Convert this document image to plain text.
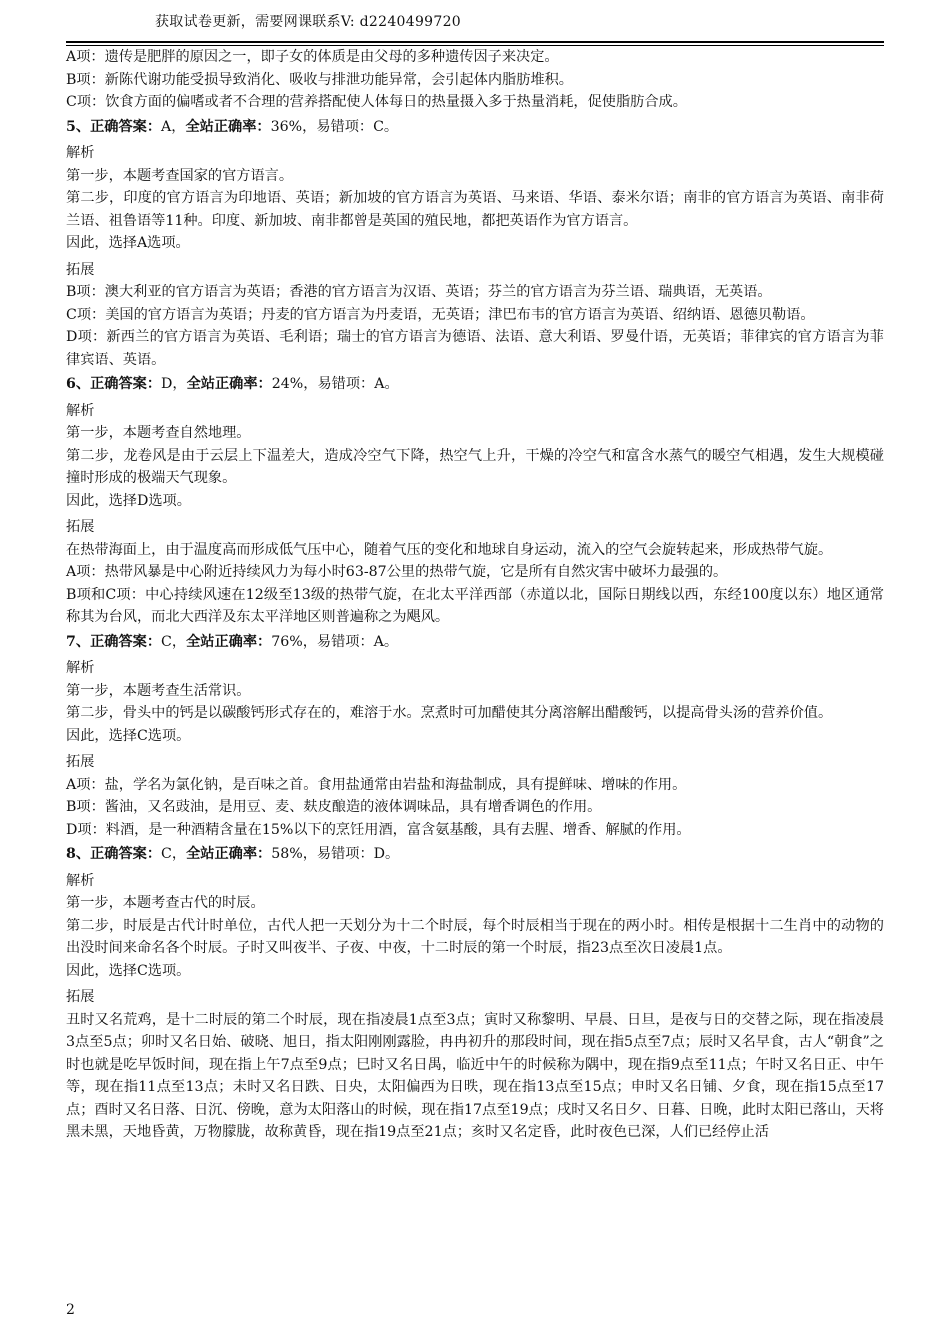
获取试卷更新，需要网课联系V: d2240499720

A项：遗传是肥胖的原因之一，即子女的体质是由父母的多种遗传因子来决定。

B项：新陈代谢功能受损导致消化、吸收与排泄功能异常，会引起体内脂肪堆积。

C项：饮食方面的偏嗜或者不合理的营养搭配使人体每日的热量摄入多于热量消耗，促使脂肪合成。

5、正确答案：A，全站正确率：36%，易错项：C。

解析

第一步，本题考查国家的官方语言。

第二步，印度的官方语言为印地语、英语；新加坡的官方语言为英语、马来语、华语、泰米尔语；南非的官方语言为英语、南非荷兰语、祖鲁语等11种。印度、新加坡、南非都曾是英国的殖民地，都把英语作为官方语言。

因此，选择A选项。

拓展

B项：澳大利亚的官方语言为英语；香港的官方语言为汉语、英语；芬兰的官方语言为芬兰语、瑞典语，无英语。

C项：美国的官方语言为英语；丹麦的官方语言为丹麦语，无英语；津巴布韦的官方语言为英语、绍纳语、恩德贝勒语。

D项：新西兰的官方语言为英语、毛利语；瑞士的官方语言为德语、法语、意大利语、罗曼什语，无英语；菲律宾的官方语言为菲律宾语、英语。

6、正确答案：D，全站正确率：24%，易错项：A。

解析

第一步，本题考查自然地理。

第二步，龙卷风是由于云层上下温差大，造成冷空气下降，热空气上升，干燥的冷空气和富含水蒸气的暖空气相遇，发生大规模碰撞时形成的极端天气现象。

因此，选择D选项。

拓展

在热带海面上，由于温度高而形成低气压中心，随着气压的变化和地球自身运动，流入的空气会旋转起来，形成热带气旋。

A项：热带风暴是中心附近持续风力为每小时63-87公里的热带气旋，它是所有自然灾害中破坏力最强的。

B项和C项：中心持续风速在12级至13级的热带气旋，在北太平洋西部（赤道以北，国际日期线以西，东经100度以东）地区通常称其为台风，而北大西洋及东太平洋地区则普遍称之为飓风。

7、正确答案：C，全站正确率：76%，易错项：A。

解析

第一步，本题考查生活常识。

第二步，骨头中的钙是以碳酸钙形式存在的，难溶于水。烹煮时可加醋使其分离溶解出醋酸钙，以提高骨头汤的营养价值。

因此，选择C选项。

拓展

A项：盐，学名为氯化钠，是百味之首。食用盐通常由岩盐和海盐制成，具有提鲜味、增味的作用。

B项：酱油，又名豉油，是用豆、麦、麸皮酿造的液体调味品，具有增香调色的作用。

D项：料酒，是一种酒精含量在15%以下的烹饪用酒，富含氨基酸，具有去腥、增香、解腻的作用。

8、正确答案：C，全站正确率：58%，易错项：D。

解析

第一步，本题考查古代的时辰。

第二步，时辰是古代计时单位，古代人把一天划分为十二个时辰，每个时辰相当于现在的两小时。相传是根据十二生肖中的动物的出没时间来命名各个时辰。子时又叫夜半、子夜、中夜，十二时辰的第一个时辰，指23点至次日凌晨1点。

因此，选择C选项。

拓展

丑时又名荒鸡，是十二时辰的第二个时辰，现在指凌晨1点至3点；寅时又称黎明、早晨、日旦，是夜与日的交替之际，现在指凌晨3点至5点；卯时又名日始、破晓、旭日，指太阳刚刚露脸，冉冉初升的那段时间，现在指5点至7点；辰时又名早食，古人“朝食”之时也就是吃早饭时间，现在指上午7点至9点；巳时又名日禺，临近中午的时候称为隅中，现在指9点至11点；午时又名日正、中午等，现在指11点至13点；未时又名日跌、日央，太阳偏西为日昳，现在指13点至15点；申时又名日铺、夕食，现在指15点至17点；酉时又名日落、日沉、傍晚，意为太阳落山的时候，现在指17点至19点；戌时又名日夕、日暮、日晚，此时太阳已落山，天将黑未黑，天地昏黄，万物朦胧，故称黄昏，现在指19点至21点；亥时又名定昏，此时夜色已深，人们已经停止活

2
